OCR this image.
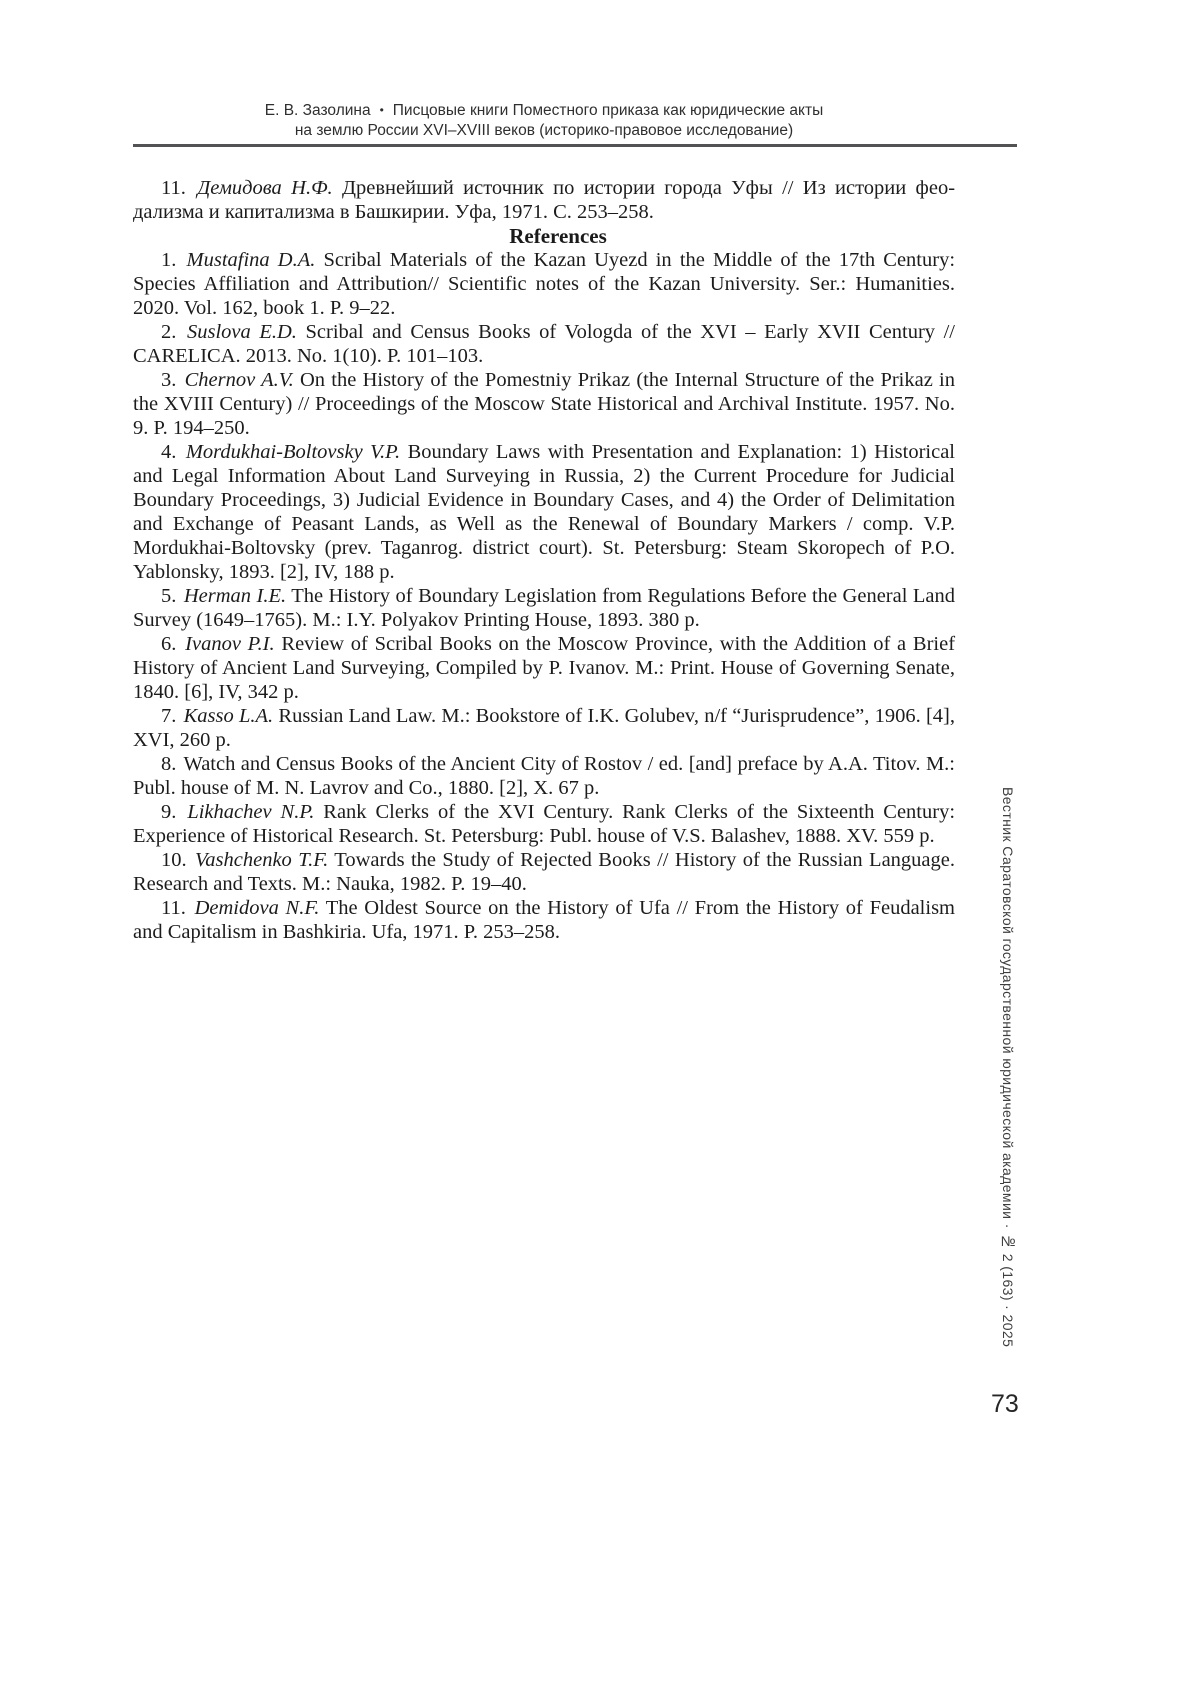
Е. В. Зазолина • Писцовые книги Поместного приказа как юридические акты
на землю России XVI–XVIII веков (историко-правовое исследование)

11. Демидова Н.Ф. Древнейший источник по истории города Уфы // Из истории феодализма и капитализма в Башкирии. Уфа, 1971. С. 253–258.

References

1. Mustafina D.A. Scribal Materials of the Kazan Uyezd in the Middle of the 17th Century: Species Affiliation and Attribution// Scientific notes of the Kazan University. Ser.: Humanities. 2020. Vol. 162, book 1. P. 9–22.

2. Suslova E.D. Scribal and Census Books of Vologda of the XVI – Early XVII Century // CARELICA. 2013. No. 1(10). P. 101–103.

3. Chernov A.V. On the History of the Pomestniy Prikaz (the Internal Structure of the Prikaz in the XVIII Century) // Proceedings of the Moscow State Historical and Archival Institute. 1957. No. 9. P. 194–250.

4. Mordukhai-Boltovsky V.P. Boundary Laws with Presentation and Explanation: 1) Historical and Legal Information About Land Surveying in Russia, 2) the Current Procedure for Judicial Boundary Proceedings, 3) Judicial Evidence in Boundary Cases, and 4) the Order of Delimitation and Exchange of Peasant Lands, as Well as the Renewal of Boundary Markers / comp. V.P. Mordukhai-Boltovsky (prev. Taganrog. district court). St. Petersburg: Steam Skoropech of P.O. Yablonsky, 1893. [2], IV, 188 p.

5. Herman I.E. The History of Boundary Legislation from Regulations Before the General Land Survey (1649–1765). M.: I.Y. Polyakov Printing House, 1893. 380 p.

6. Ivanov P.I. Review of Scribal Books on the Moscow Province, with the Addition of a Brief History of Ancient Land Surveying, Compiled by P. Ivanov. M.: Print. House of Governing Senate, 1840. [6], IV, 342 p.

7. Kasso L.A. Russian Land Law. M.: Bookstore of I.K. Golubev, n/f “Jurisprudence”, 1906. [4], XVI, 260 p.

8. Watch and Census Books of the Ancient City of Rostov / ed. [and] preface by A.A. Titov. M.: Publ. house of M. N. Lavrov and Co., 1880. [2], X. 67 p.

9. Likhachev N.P. Rank Clerks of the XVI Century. Rank Clerks of the Sixteenth Century: Experience of Historical Research. St. Petersburg: Publ. house of V.S. Balashev, 1888. XV. 559 p.

10. Vashchenko T.F. Towards the Study of Rejected Books // History of the Russian Language. Research and Texts. M.: Nauka, 1982. P. 19–40.

11. Demidova N.F. The Oldest Source on the History of Ufa // From the History of Feudalism and Capitalism in Bashkiria. Ufa, 1971. P. 253–258.	Вестник Саратовской государственной юридической академии · № 2 (163) · 2025
73
